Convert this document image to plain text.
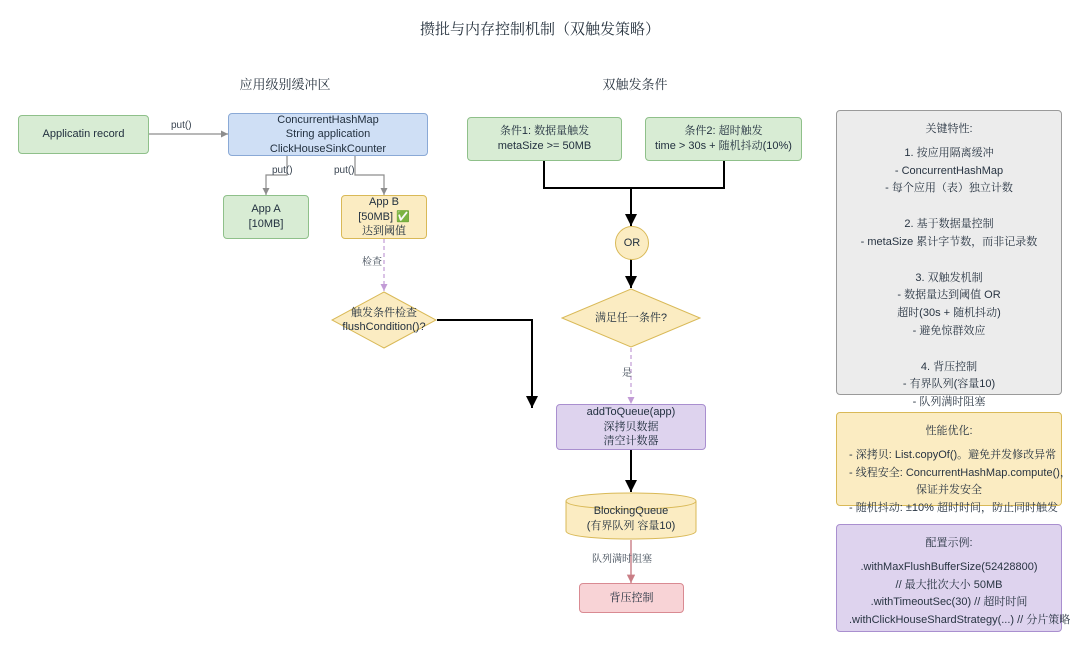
攒批与内存控制机制（双触发策略）
应用级别缓冲区	双触发条件
Applicatin record
ConcurrentHashMap
String application
ClickHouseSinkCounter
App A
[10MB]
App B
[50MB] ✅
达到阈值
触发条件检查
flushCondition()?
条件1: 数据量触发
metaSize >= 50MB
条件2: 超时触发
time > 30s + 随机抖动(10%)
OR
满足任一条件?
addToQueue(app)
深拷贝数据
清空计数器
BlockingQueue
(有界队列 容量10)
背压控制
put()
put()	put()
检查
是
队列满时阻塞
关键特性:
1. 按应用隔离缓冲
- ConcurrentHashMap
- 每个应用（表）独立计数

2. 基于数据量控制
- metaSize 累计字节数，而非记录数

3. 双触发机制
- 数据量达到阈值 OR
超时(30s + 随机抖动)
- 避免惊群效应

4. 背压控制
- 有界队列(容量10)
- 队列满时阻塞
性能优化:
- 深拷贝: List.copyOf()。避免并发修改异常
- 线程安全: ConcurrentHashMap.compute()，
保证并发安全
- 随机抖动: ±10% 超时时间，防止同时触发
配置示例:
.withMaxFlushBufferSize(52428800)
// 最大批次大小 50MB
.withTimeoutSec(30) // 超时时间
.withClickHouseShardStrategy(...) // 分片策略
